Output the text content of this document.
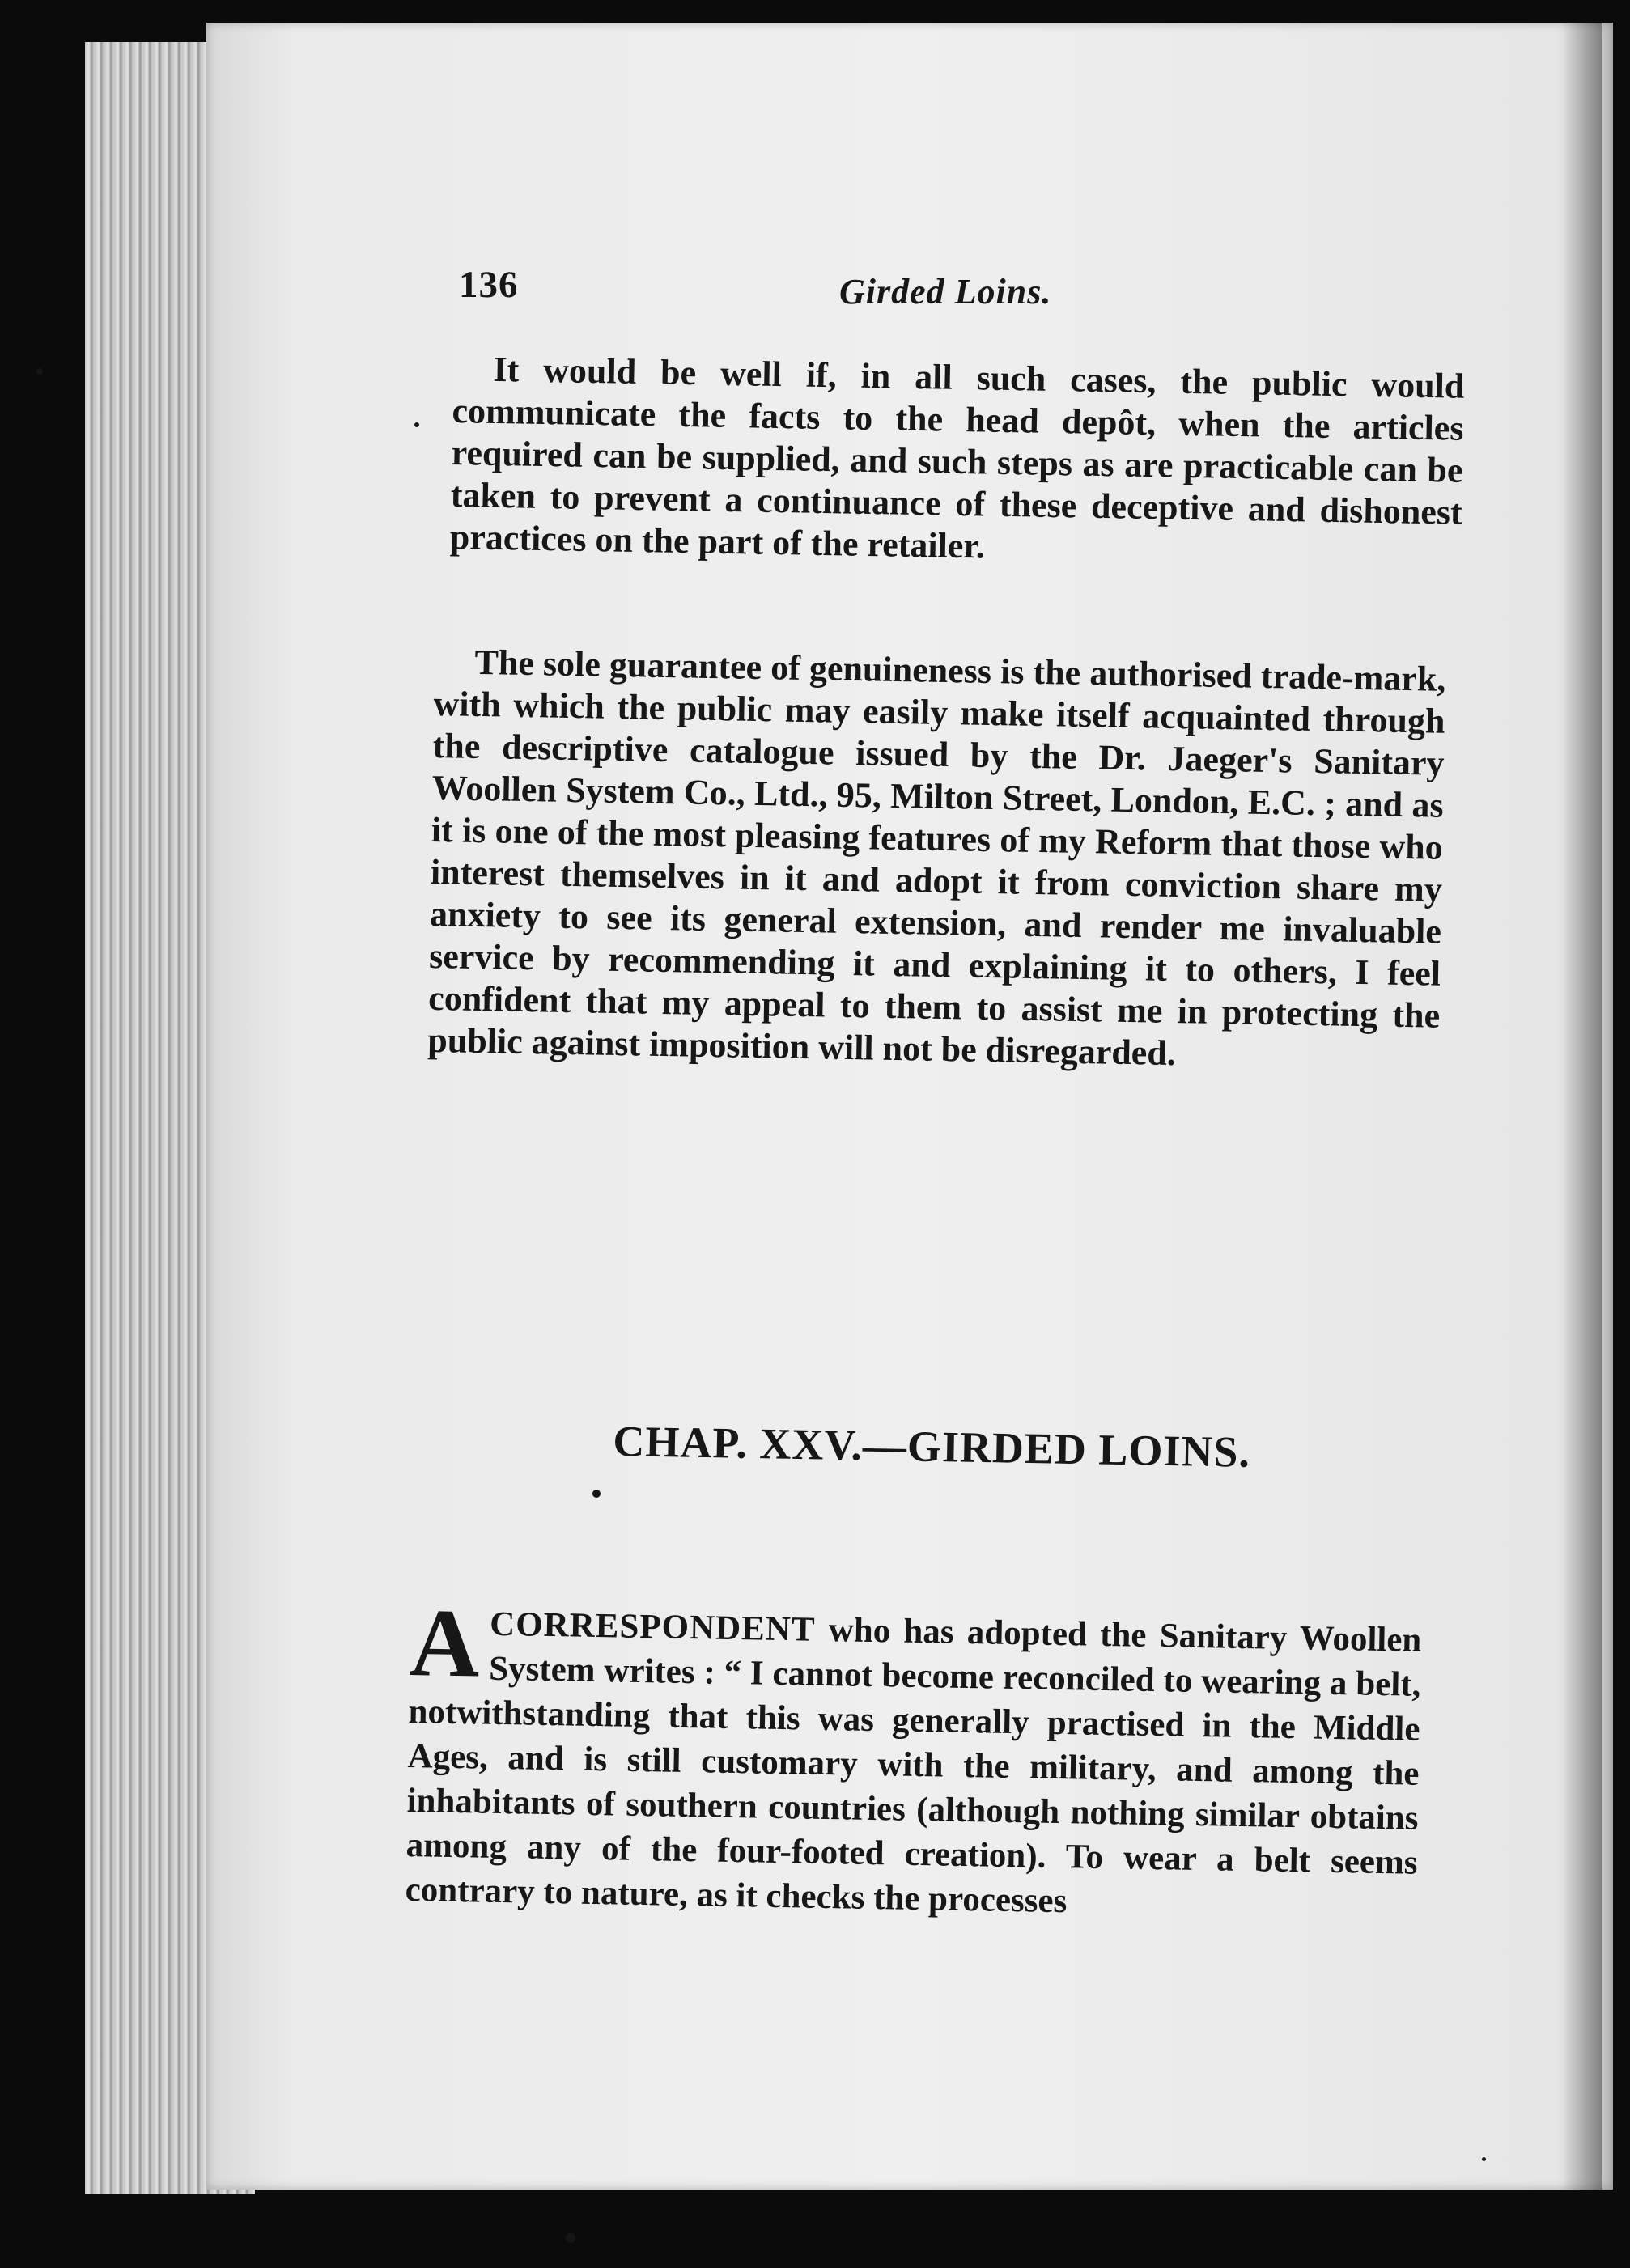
136	Girded Loins.

It would be well if, in all such cases, the public would communicate the facts to the head depôt, when the articles required can be supplied, and such steps as are practicable can be taken to prevent a continuance of these deceptive and dishonest practices on the part of the retailer.

The sole guarantee of genuineness is the authorised trade-mark, with which the public may easily make itself acquainted through the descriptive catalogue issued by the Dr. Jaeger's Sanitary Woollen System Co., Ltd., 95, Milton Street, London, E.C. ; and as it is one of the most pleasing features of my Reform that those who interest themselves in it and adopt it from conviction share my anxiety to see its general extension, and render me invaluable service by recommending it and explaining it to others, I feel confident that my appeal to them to assist me in protecting the public against imposition will not be disregarded.

CHAP. XXV.—GIRDED LOINS.

ACORRESPONDENT who has adopted the Sanitary Woollen System writes : “ I cannot become reconciled to wearing a belt, notwithstanding that this was generally practised in the Middle Ages, and is still customary with the military, and among the inhabitants of southern countries (although nothing similar obtains among any of the four-footed creation). To wear a belt seems contrary to nature, as it checks the processes
